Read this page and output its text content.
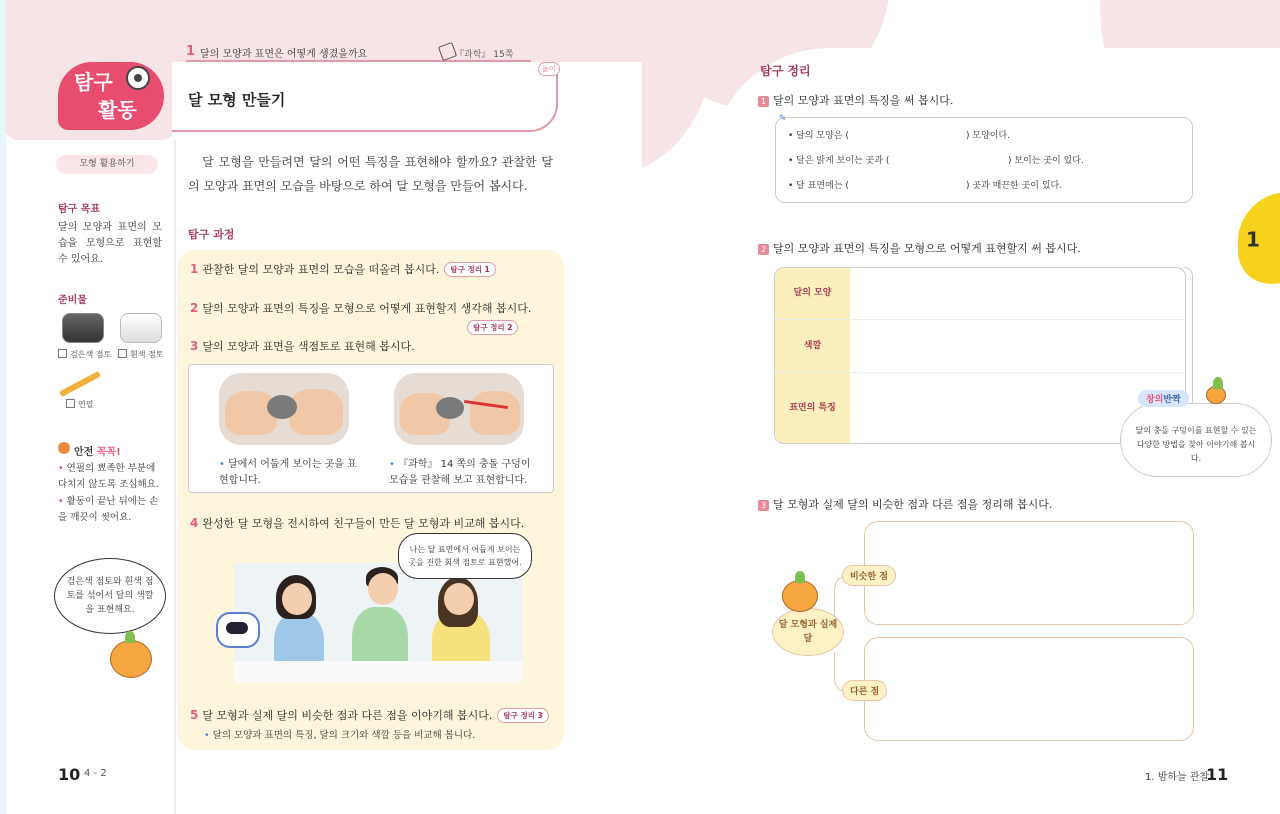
1 달의 모양과 표면은 어떻게 생겼을까요	『과학』 15쪽
탐구
활동	달 모형 만들기
놀이
모형 활용하기
탐구 목표
달의 모양과 표면의 모습을 모형으로 표현할 수 있어요.
준비물
검은색 점토	흰색 점토
연필
안전 꼭꼭!
• 연필의 뾰족한 부분에 다치지 않도록 조심해요.
• 활동이 끝난 뒤에는 손을 깨끗이 씻어요.
검은색 점토와 흰색 점토를 섞어서 달의 색깔을 표현해요.
달 모형을 만들려면 달의 어떤 특징을 표현해야 할까요? 관찰한 달의 모양과 표면의 모습을 바탕으로 하여 달 모형을 만들어 봅시다.
탐구 과정
1 관찰한 달의 모양과 표면의 모습을 떠올려 봅시다. 탐구 정리 1
2 달의 모양과 표면의 특징을 모형으로 어떻게 표현할지 생각해 봅시다.
탐구 정리 2
3 달의 모양과 표면을 색점토로 표현해 봅시다.
• 달에서 어둡게 보이는 곳을 표현합니다.
• 『과학』 14 쪽의 충돌 구덩이 모습을 관찰해 보고 표현합니다.
4 완성한 달 모형을 전시하여 친구들이 만든 달 모형과 비교해 봅시다.
나는 달 표면에서 어둡게 보이는 곳을 진한 회색 점토로 표현했어.
5 달 모형과 실제 달의 비슷한 점과 다른 점을 이야기해 봅시다. 탐구 정리 3
• 달의 모양과 표면의 특징, 달의 크기와 색깔 등을 비교해 봅니다.
10 4 - 2
탐구 정리
1 달의 모양과 표면의 특징을 써 봅시다.
✎
• 달의 모양은 (	) 모양이다.
• 달은 밝게 보이는 곳과 (	) 보이는 곳이 있다.
• 달 표면에는 (	) 곳과 매끈한 곳이 있다.
2 달의 모양과 표면의 특징을 모형으로 어떻게 표현할지 써 봅시다.
달의 모양
색깔
표면의 특징
달의 충돌 구덩이를 표현할 수 있는 다양한 방법을 찾아 이야기해 봅시다.
창의반짝
3 달 모형과 실제 달의 비슷한 점과 다른 점을 정리해 봅시다.
달 모형과 실제 달
비슷한 점
다른 점
1
1. 밤하늘 관찰
11
